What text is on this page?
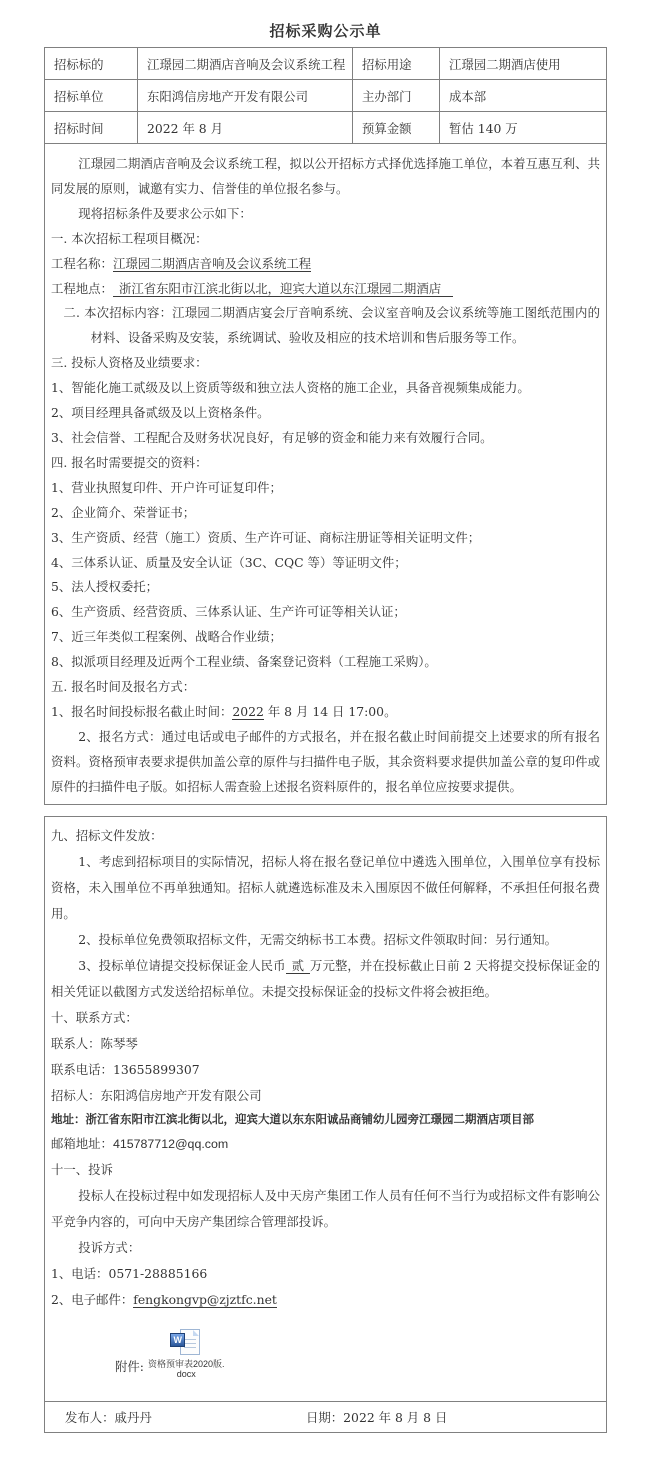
招标采购公示单
招标标的	江璟园二期酒店音响及会议系统工程	招标用途	江璟园二期酒店使用
招标单位	东阳鸿信房地产开发有限公司	主办部门	成本部
招标时间	2022 年 8 月	预算金额	暂估 140 万

江璟园二期酒店音响及会议系统工程，拟以公开招标方式择优选择施工单位，本着互惠互利、共同发展的原则，诚邀有实力、信誉佳的单位报名参与。

现将招标条件及要求公示如下：

一. 本次招标工程项目概况：

工程名称：江璟园二期酒店音响及会议系统工程

工程地点： 浙江省东阳市江滨北街以北，迎宾大道以东江璟园二期酒店

二. 本次招标内容：江璟园二期酒店宴会厅音响系统、会议室音响及会议系统等施工图纸范围内的材料、设备采购及安装，系统调试、验收及相应的技术培训和售后服务等工作。

三. 投标人资格及业绩要求：

1、智能化施工贰级及以上资质等级和独立法人资格的施工企业，具备音视频集成能力。

2、项目经理具备贰级及以上资格条件。

3、社会信誉、工程配合及财务状况良好，有足够的资金和能力来有效履行合同。

四. 报名时需要提交的资料：

1、营业执照复印件、开户许可证复印件；

2、企业简介、荣誉证书；

3、生产资质、经营（施工）资质、生产许可证、商标注册证等相关证明文件；

4、三体系认证、质量及安全认证（3C、CQC 等）等证明文件；

5、法人授权委托；

6、生产资质、经营资质、三体系认证、生产许可证等相关认证；

7、近三年类似工程案例、战略合作业绩；

8、拟派项目经理及近两个工程业绩、备案登记资料（工程施工采购）。

五. 报名时间及报名方式：

1、报名时间投标报名截止时间：2022 年 8 月 14 日 17:00。

2、报名方式：通过电话或电子邮件的方式报名，并在报名截止时间前提交上述要求的所有报名资料。资格预审表要求提供加盖公章的原件与扫描件电子版，其余资料要求提供加盖公章的复印件或原件的扫描件电子版。如招标人需查验上述报名资料原件的，报名单位应按要求提供。

九、招标文件发放：

1、考虑到招标项目的实际情况，招标人将在报名登记单位中遴选入围单位，入围单位享有投标资格，未入围单位不再单独通知。招标人就遴选标准及未入围原因不做任何解释，不承担任何报名费用。

2、投标单位免费领取招标文件，无需交纳标书工本费。招标文件领取时间：另行通知。

3、投标单位请提交投标保证金人民币 贰 万元整，并在投标截止日前 2 天将提交投标保证金的相关凭证以截图方式发送给招标单位。未提交投标保证金的投标文件将会被拒绝。

十、联系方式：

联系人：陈琴琴

联系电话：13655899307

招标人：东阳鸿信房地产开发有限公司

地址：浙江省东阳市江滨北街以北，迎宾大道以东东阳诚品商铺幼儿园旁江璟园二期酒店项目部

邮箱地址：415787712@qq.com

十一、投诉

投标人在投标过程中如发现招标人及中天房产集团工作人员有任何不当行为或招标文件有影响公平竞争内容的，可向中天房产集团综合管理部投诉。

投诉方式：

1、电话：0571-28885166

2、电子邮件：fengkongvp@zjztfc.net

附件:
W
资格预审表2020版.
docx
发布人：戚丹丹	日期：2022 年 8 月 8 日
